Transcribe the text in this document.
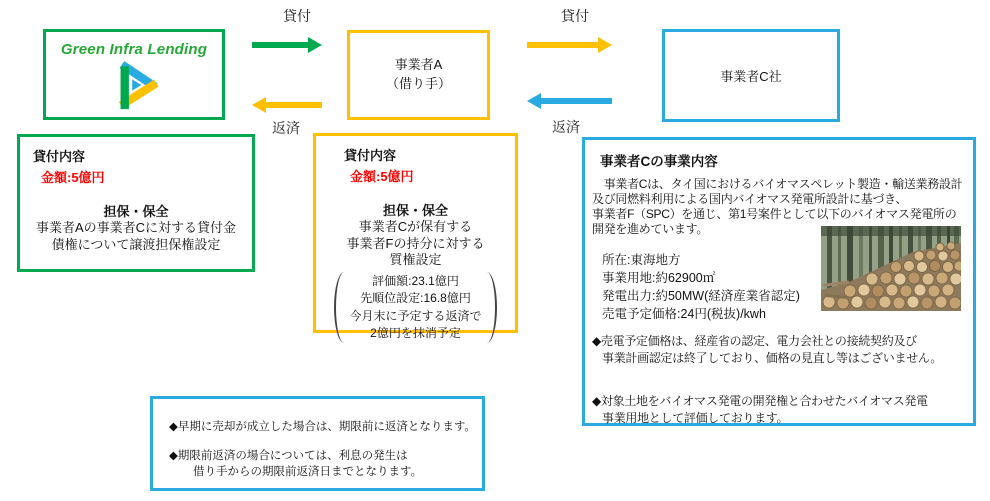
Green Infra Lending
事業者A
（借り手）	事業者C社
貸付
返済
貸付
返済
貸付内容
金額:5億円
担保・保全
事業者Aの事業者Cに対する貸付金
債権について譲渡担保権設定
貸付内容
金額:5億円
担保・保全
事業者Cが保有する
事業者Fの持分に対する
質権設定
評価額:23.1億円
先順位設定:16.8億円
今月末に予定する返済で
2億円を抹消予定
事業者Cの事業内容
　事業者Cは、タイ国におけるバイオマスペレット製造・輸送業務設計
及び同燃料利用による国内バイオマス発電所設計に基づき、
事業者F（SPC）を通じ、第1号案件として以下のバイオマス発電所の
開発を進めています。
所在:東海地方
事業用地:約62900㎡
発電出力:約50MW(経済産業省認定)
売電予定価格:24円(税抜)/kwh
◆売電予定価格は、経産省の認定、電力会社との接続契約及び
事業計画認定は終了しており、価格の見直し等はございません。
◆対象土地をバイオマス発電の開発権と合わせたバイオマス発電
事業用地として評価しております。
◆早期に売却が成立した場合は、期限前に返済となります。
◆期限前返済の場合については、利息の発生は
借り手からの期限前返済日までとなります。
